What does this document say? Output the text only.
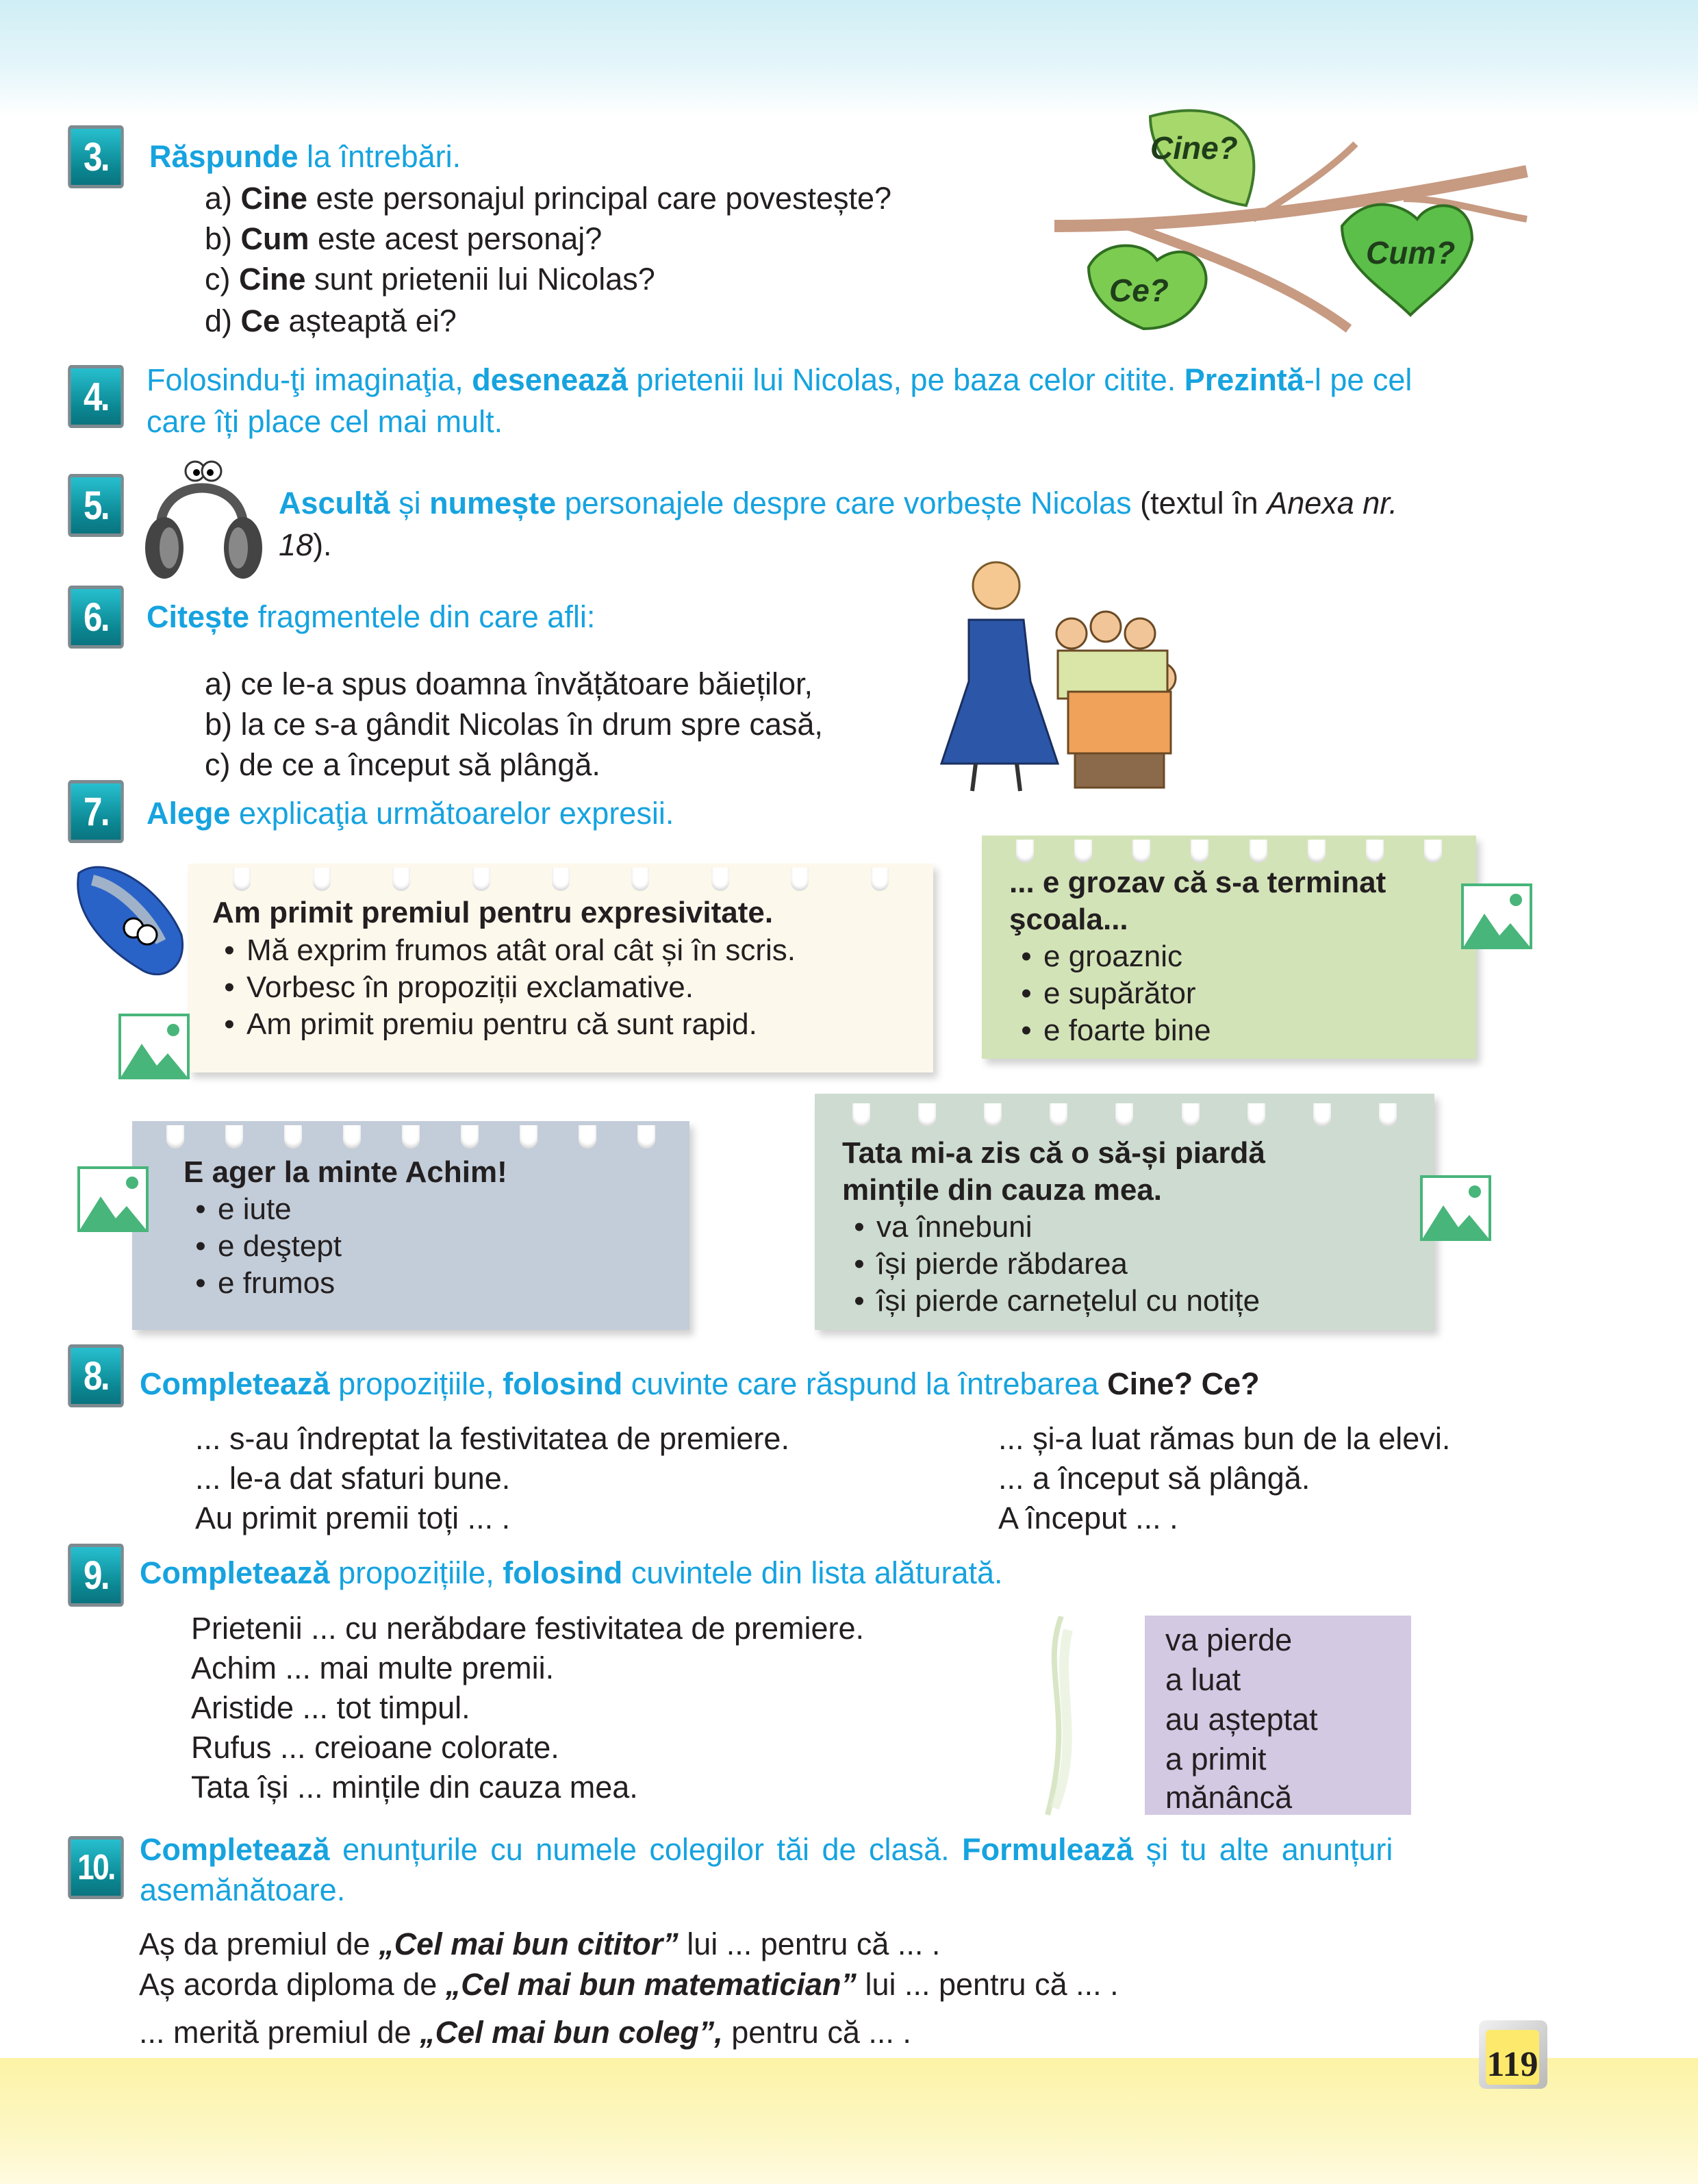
3.	Răspunde la întrebări.
a) Cine este personajul principal care povestește?
b) Cum este acest personaj?
c) Cine sunt prietenii lui Nicolas?
d) Ce așteaptă ei?
Cine?
Cum?
Ce?
4.	Folosindu-ţi imaginaţia, desenează prietenii lui Nicolas, pe baza celor citite. Prezintă-l pe cel
care îți place cel mai mult.
5.	Ascultă și numește personajele despre care vorbește Nicolas (textul în Anexa nr.
18).
6.	Citește fragmentele din care afli:
a) ce le-a spus doamna învățătoare băieților,
b) la ce s-a gândit Nicolas în drum spre casă,
c) de ce a început să plângă.
7.	Alege explicaţia următoarelor expresii.
Am primit premiul pentru expresivitate.
• Mă exprim frumos atât oral cât și în scris.
• Vorbesc în propoziții exclamative.
• Am primit premiu pentru că sunt rapid.
... e grozav că s-a terminat
şcoala...
• e groaznic
• e supărător
• e foarte bine
E ager la minte Achim!
• e iute
• e deştept
• e frumos
Tata mi-a zis că o să-și piardă
mințile din cauza mea.
• va înnebuni
• își pierde răbdarea
• își pierde carnețelul cu notițe
8.	Completează propozițiile, folosind cuvinte care răspund la întrebarea Cine? Ce?
... s-au îndreptat la festivitatea de premiere.
... le-a dat sfaturi bune.
Au primit premii toți ... .
... și-a luat rămas bun de la elevi.
... a început să plângă.
A început ... .
9.	Completează propozițiile, folosind cuvintele din lista alăturată.
Prietenii ... cu nerăbdare festivitatea de premiere.
Achim ... mai multe premii.
Aristide ... tot timpul.
Rufus ... creioane colorate.
Tata își ... mințile din cauza mea.
va pierde
a luat
au așteptat
a primit
mănâncă
10. Completează enunțurile cu numele colegilor tăi de clasă. Formulează și tu alte anunțuri
asemănătoare.
Aș da premiul de „Cel mai bun cititor” lui ... pentru că ... .
Aș acorda diploma de „Cel mai bun matematician” lui ... pentru că ... .
... merită premiul de „Cel mai bun coleg”, pentru că ... .
119
